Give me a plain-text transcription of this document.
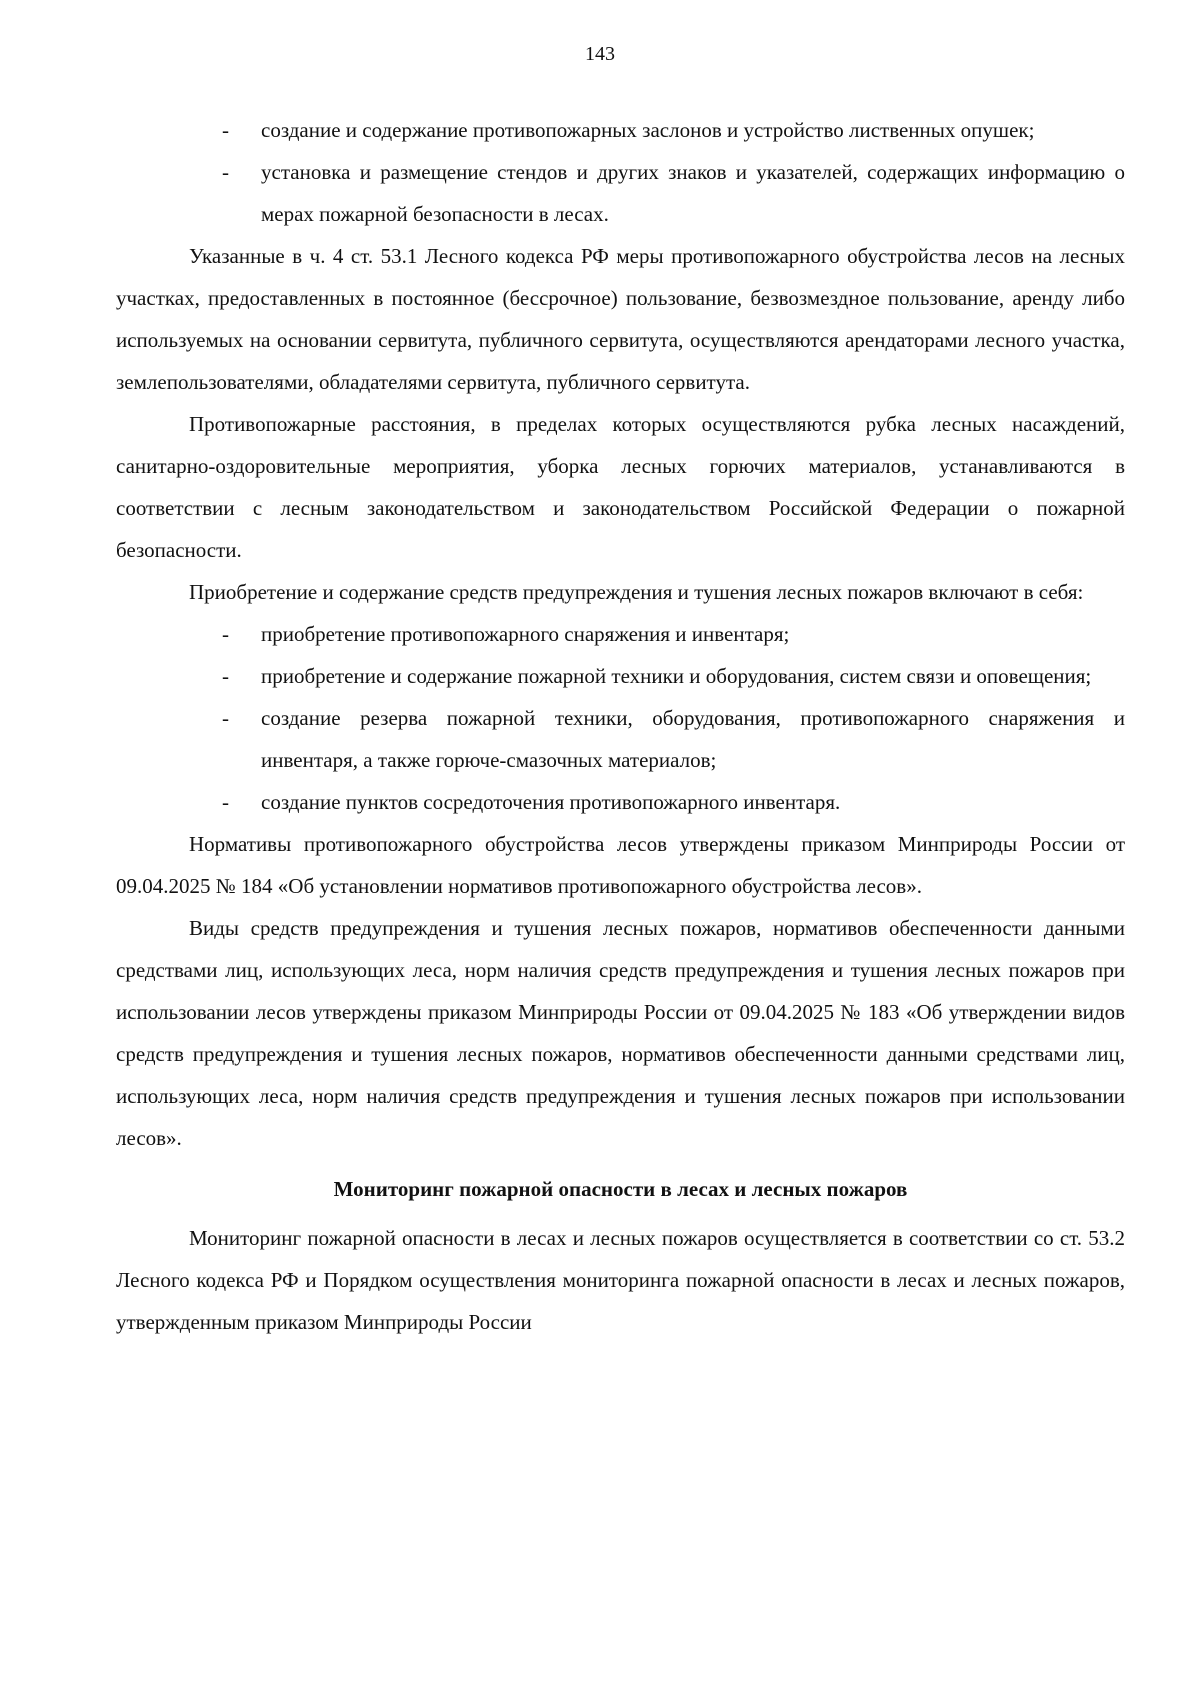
143
- создание и содержание противопожарных заслонов и устройство лиственных опушек;
- установка и размещение стендов и других знаков и указателей, содержащих информацию о мерах пожарной безопасности в лесах.

Указанные в ч. 4 ст. 53.1 Лесного кодекса РФ меры противопожарного обустройства лесов на лесных участках, предоставленных в постоянное (бессрочное) пользование, безвозмездное пользование, аренду либо используемых на основании сервитута, публичного сервитута, осуществляются арендаторами лесного участка, землепользователями, обладателями сервитута, публичного сервитута.

Противопожарные расстояния, в пределах которых осуществляются рубка лесных насаждений, санитарно-оздоровительные мероприятия, уборка лесных горючих материалов, устанавливаются в соответствии с лесным законодательством и законодательством Российской Федерации о пожарной безопасности.

Приобретение и содержание средств предупреждения и тушения лесных пожаров включают в себя:

- приобретение противопожарного снаряжения и инвентаря;
- приобретение и содержание пожарной техники и оборудования, систем связи и оповещения;
- создание резерва пожарной техники, оборудования, противопожарного снаряжения и инвентаря, а также горюче-смазочных материалов;
- создание пунктов сосредоточения противопожарного инвентаря.

Нормативы противопожарного обустройства лесов утверждены приказом Минприроды России от 09.04.2025 № 184 «Об установлении нормативов противопожарного обустройства лесов».

Виды средств предупреждения и тушения лесных пожаров, нормативов обеспеченности данными средствами лиц, использующих леса, норм наличия средств предупреждения и тушения лесных пожаров при использовании лесов утверждены приказом Минприроды России от 09.04.2025 № 183 «Об утверждении видов средств предупреждения и тушения лесных пожаров, нормативов обеспеченности данными средствами лиц, использующих леса, норм наличия средств предупреждения и тушения лесных пожаров при использовании лесов».

Мониторинг пожарной опасности в лесах и лесных пожаров

Мониторинг пожарной опасности в лесах и лесных пожаров осуществляется в соответствии со ст. 53.2 Лесного кодекса РФ и Порядком осуществления мониторинга пожарной опасности в лесах и лесных пожаров, утвержденным приказом Минприроды России
